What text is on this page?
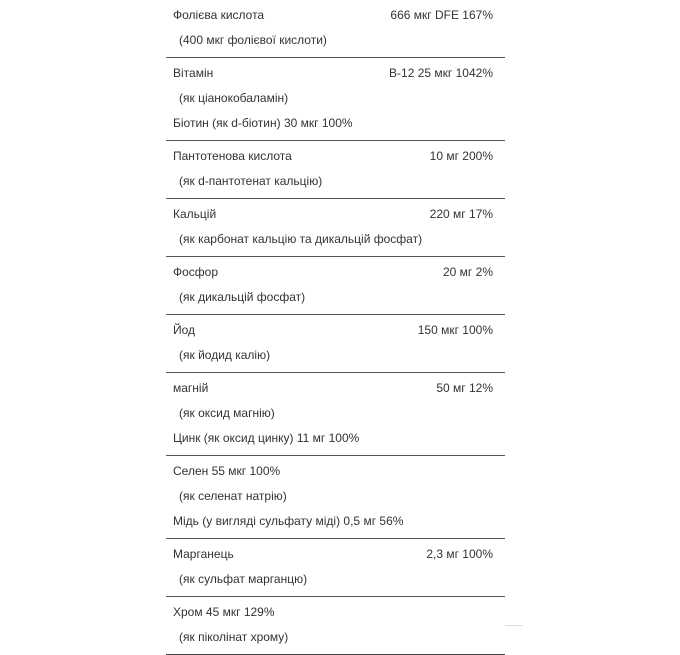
Фолієва кислота	666 мкг DFE 167%
(400 мкг фолієвої кислоти)
Вітамін	B-12 25 мкг 1042%
(як ціанокобаламін)
Біотин (як d-біотин) 30 мкг 100%
Пантотенова кислота	10 мг 200%
(як d-пантотенат кальцію)
Кальцій	220 мг 17%
(як карбонат кальцію та дикальцій фосфат)
Фосфор	20 мг 2%
(як дикальцій фосфат)
Йод	150 мкг 100%
(як йодид калію)
магній	50 мг 12%
(як оксид магнію)
Цинк (як оксид цинку) 11 мг 100%
Селен 55 мкг 100%
(як селенат натрію)
Мідь (у вигляді сульфату міді) 0,5 мг 56%
Марганець	2,3 мг 100%
(як сульфат марганцю)
Хром 45 мкг 129%
(як піколінат хрому)
